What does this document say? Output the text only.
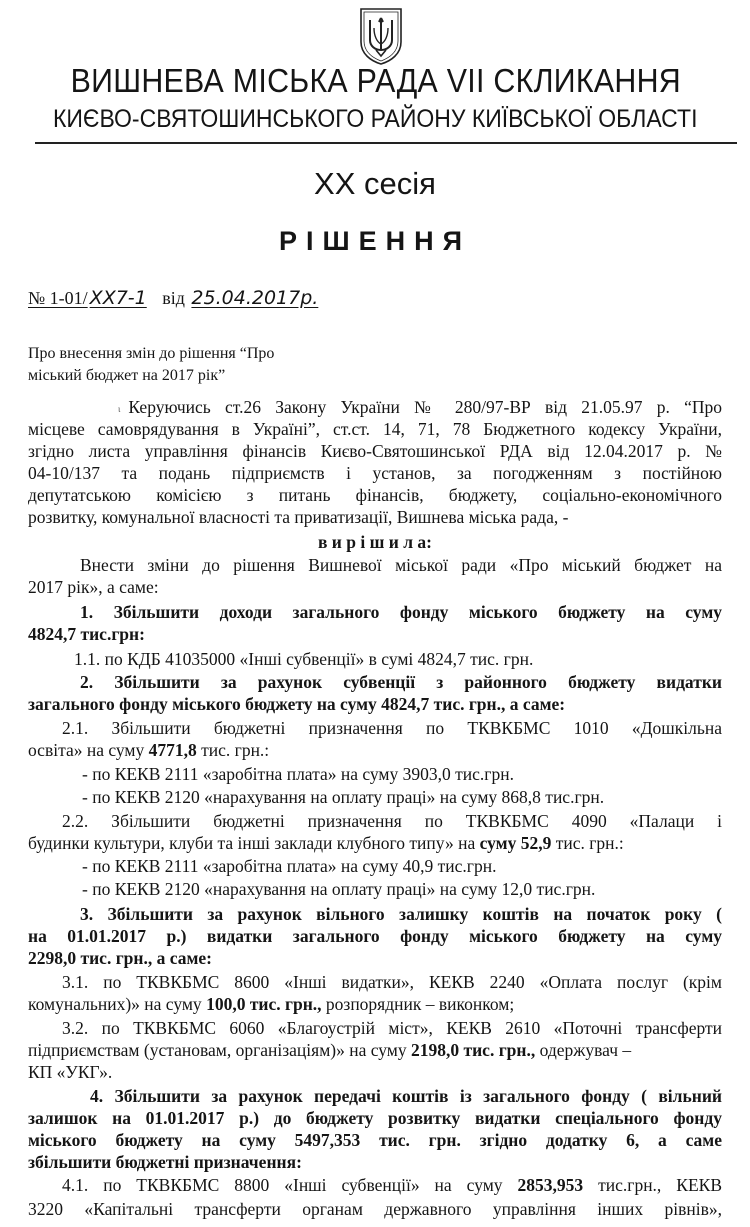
ВИШНЕВА МІСЬКА РАДА VII СКЛИКАННЯ
КИЄВО-СВЯТОШИНСЬКОГО РАЙОНУ КИЇВСЬКОЇ ОБЛАСТІ
XX сесія
РІШЕННЯ
№ 1-01/ XX7-1 від 25.04.2017р.
Про внесення змін до рішення “Про
міський бюджет на 2017 рік”
ι Керуючись ст.26 Закону України № 280/97-ВР від 21.05.97 р. “Про
місцеве самоврядування в Україні”, ст.ст. 14, 71, 78 Бюджетного кодексу України,
згідно листа управління фінансів Києво-Святошинської РДА від 12.04.2017 р. №
04-10/137 та подань підприємств і установ, за погодженням з постійною
депутатською комісією з питань фінансів, бюджету, соціально-економічного
розвитку, комунальної власності та приватизації, Вишнева міська рада, -
в и р і ш и л а:
Внести зміни до рішення Вишневої міської ради «Про міський бюджет на
2017 рік», а саме:
1. Збільшити доходи загального фонду міського бюджету на суму
4824,7 тис.грн:
1.1. по КДБ 41035000 «Інші субвенції» в сумі 4824,7 тис. грн.
2. Збільшити за рахунок субвенції з районного бюджету видатки
загального фонду міського бюджету на суму 4824,7 тис. грн., а саме:
2.1. Збільшити бюджетні призначення по ТКВКБМС 1010 «Дошкільна
освіта» на суму 4771,8 тис. грн.:
- по КЕКВ 2111 «заробітна плата» на суму 3903,0 тис.грн.
- по КЕКВ 2120 «нарахування на оплату праці» на суму 868,8 тис.грн.
2.2. Збільшити бюджетні призначення по ТКВКБМС 4090 «Палаци і
будинки культури, клуби та інші заклади клубного типу» на суму 52,9 тис. грн.:
- по КЕКВ 2111 «заробітна плата» на суму 40,9 тис.грн.
- по КЕКВ 2120 «нарахування на оплату праці» на суму 12,0 тис.грн.
3. Збільшити за рахунок вільного залишку коштів на початок року (
на 01.01.2017 р.) видатки загального фонду міського бюджету на суму
2298,0 тис. грн., а саме:
3.1. по ТКВКБМС 8600 «Інші видатки», КЕКВ 2240 «Оплата послуг (крім
комунальних)» на суму 100,0 тис. грн., розпорядник – виконком;
3.2. по ТКВКБМС 6060 «Благоустрій міст», КЕКВ 2610 «Поточні трансферти
підприємствам (установам, організаціям)» на суму 2198,0 тис. грн., одержувач –
КП «УКГ».
4. Збільшити за рахунок передачі коштів із загального фонду ( вільний
залишок на 01.01.2017 р.) до бюджету розвитку видатки спеціального фонду
міського бюджету на суму 5497,353 тис. грн. згідно додатку 6, а саме
збільшити бюджетні призначення:
4.1. по ТКВКБМС 8800 «Інші субвенції» на суму 2853,953 тис.грн., КЕКВ
3220 «Капітальні трансферти органам державного управління інших рівнів»,
